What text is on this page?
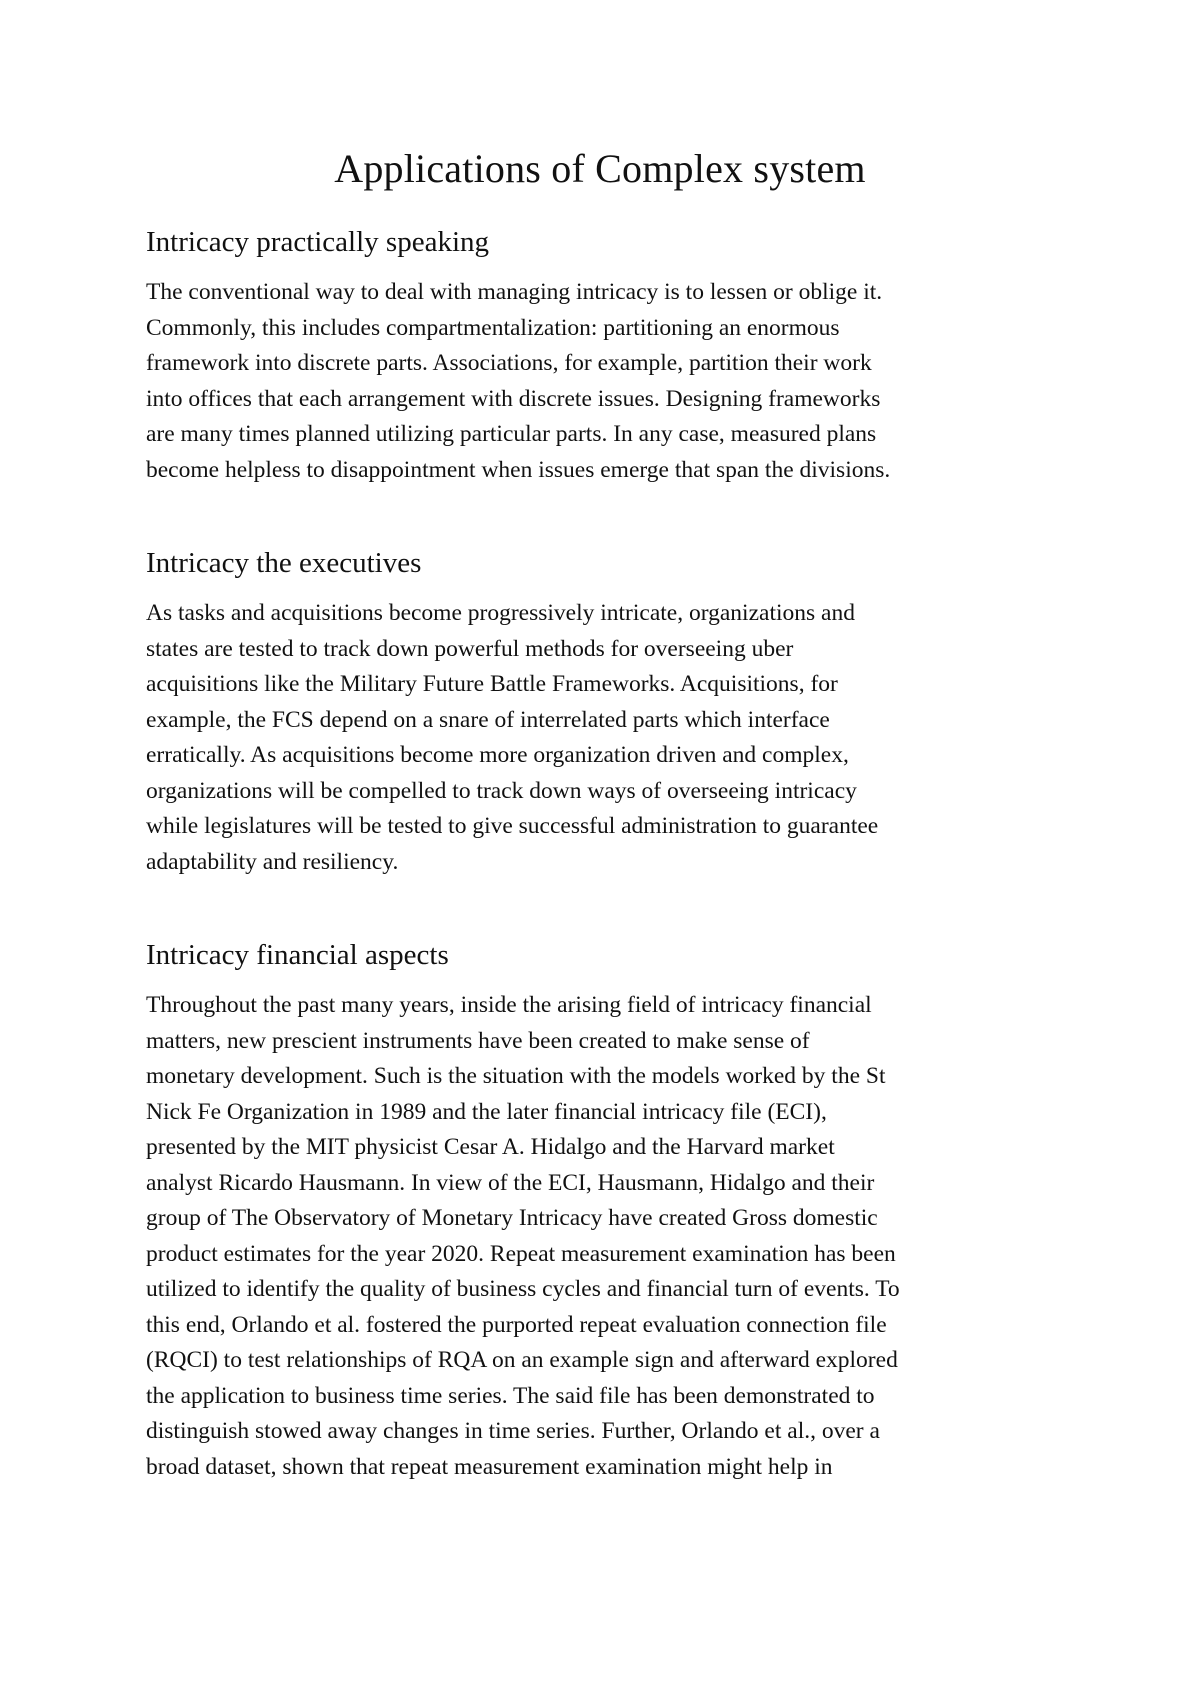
Applications of Complex system
Intricacy practically speaking
The conventional way to deal with managing intricacy is to lessen or oblige it.
Commonly, this includes compartmentalization: partitioning an enormous
framework into discrete parts. Associations, for example, partition their work
into offices that each arrangement with discrete issues. Designing frameworks
are many times planned utilizing particular parts. In any case, measured plans
become helpless to disappointment when issues emerge that span the divisions.
Intricacy the executives
As tasks and acquisitions become progressively intricate, organizations and
states are tested to track down powerful methods for overseeing uber
acquisitions like the Military Future Battle Frameworks. Acquisitions, for
example, the FCS depend on a snare of interrelated parts which interface
erratically. As acquisitions become more organization driven and complex,
organizations will be compelled to track down ways of overseeing intricacy
while legislatures will be tested to give successful administration to guarantee
adaptability and resiliency.
Intricacy financial aspects
Throughout the past many years, inside the arising field of intricacy financial
matters, new prescient instruments have been created to make sense of
monetary development. Such is the situation with the models worked by the St
Nick Fe Organization in 1989 and the later financial intricacy file (ECI),
presented by the MIT physicist Cesar A. Hidalgo and the Harvard market
analyst Ricardo Hausmann. In view of the ECI, Hausmann, Hidalgo and their
group of The Observatory of Monetary Intricacy have created Gross domestic
product estimates for the year 2020. Repeat measurement examination has been
utilized to identify the quality of business cycles and financial turn of events. To
this end, Orlando et al. fostered the purported repeat evaluation connection file
(RQCI) to test relationships of RQA on an example sign and afterward explored
the application to business time series. The said file has been demonstrated to
distinguish stowed away changes in time series. Further, Orlando et al., over a
broad dataset, shown that repeat measurement examination might help in
